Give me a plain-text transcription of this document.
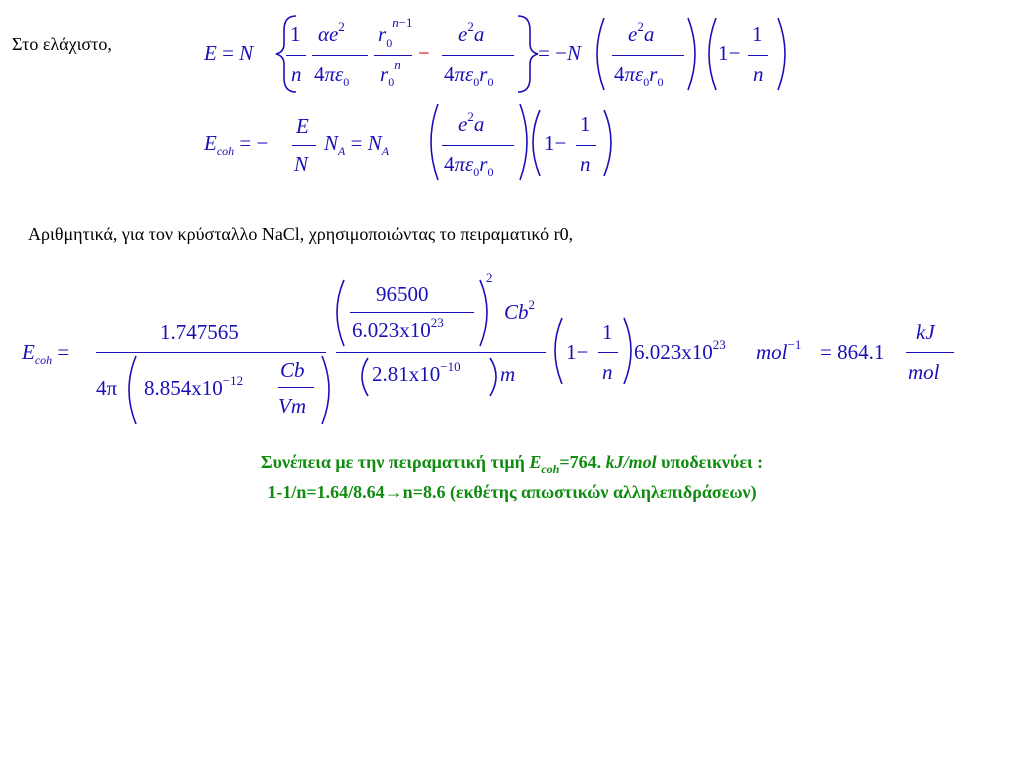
Στο ελάχιστο,	E = N
1
n
$\alpha e^2$
$4\pi\varepsilon_0$
$r_0^{n-1}$
$r_0^n$ −
$e^2a$
$4\pi\varepsilon_0r_0$
= −N
$e^2a$
$4\pi\varepsilon_0r_0$
1−
1
n
$E_{coh}$ = −
E
N
$N_A = N_A$
$e^2a$
$4\pi\varepsilon_0r_0$
1−
1
n
Αριθμητικά, για τον κρύσταλλο NaCl, χρησιμοποιώντας το πειραματικό r0,
$E_{coh}$ =
1.747565
4π $8.854x10^{-12}$ Cb
Vm
96500
$6.023x10^{23}$
2
Cb$^2$
$2.81x10^{-10}$ m
1−
1
n
$6.023x10^{23}$ mol$^{-1}$ = 864.1
kJ
mol
Συνέπεια με την πειραματική τιμή $E_{coh}=764$. kJ/mol υποδεικνύει :
1-1/n=1.64/8.64→n=8.6 (εκθέτης απωστικών αλληλεπιδράσεων)
